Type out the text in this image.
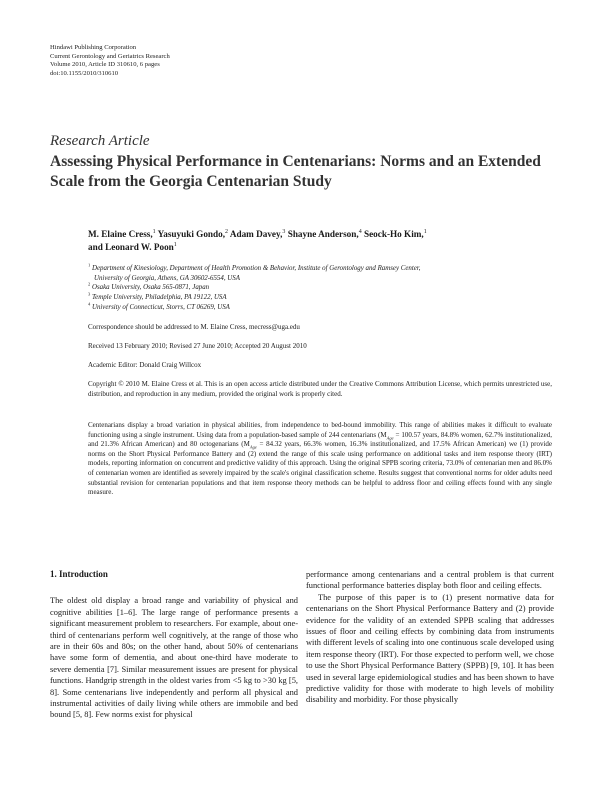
Hindawi Publishing Corporation
Current Gerontology and Geriatrics Research
Volume 2010, Article ID 310610, 6 pages
doi:10.1155/2010/310610
Research Article
Assessing Physical Performance in Centenarians: Norms and an Extended Scale from the Georgia Centenarian Study
M. Elaine Cress,$^1$ Yasuyuki Gondo,$^2$ Adam Davey,$^3$ Shayne Anderson,$^4$ Seock-Ho Kim,$^1$
and Leonard W. Poon$^1$
$^1$ Department of Kinesiology, Department of Health Promotion & Behavior, Institute of Gerontology and Ramsey Center,
University of Georgia, Athens, GA 30602-6554, USA
$^2$ Osaka University, Osaka 565-0871, Japan
$^3$ Temple University, Philadelphia, PA 19122, USA
$^4$ University of Connecticut, Storrs, CT 06269, USA
Correspondence should be addressed to M. Elaine Cress, mecress@uga.edu
Received 13 February 2010; Revised 27 June 2010; Accepted 20 August 2010
Academic Editor: Donald Craig Willcox
Copyright © 2010 M. Elaine Cress et al. This is an open access article distributed under the Creative Commons Attribution License, which permits unrestricted use, distribution, and reproduction in any medium, provided the original work is properly cited.
Centenarians display a broad variation in physical abilities, from independence to bed-bound immobility. This range of abilities makes it difficult to evaluate functioning using a single instrument. Using data from a population-based sample of 244 centenarians ($M_{Age} = 100.57$ years, 84.8% women, 62.7% institutionalized, and 21.3% African American) and 80 octogenarians ($M_{Age} = 84.32$ years, 66.3% women, 16.3% institutionalized, and 17.5% African American) we (1) provide norms on the Short Physical Performance Battery and (2) extend the range of this scale using performance on additional tasks and item response theory (IRT) models, reporting information on concurrent and predictive validity of this approach. Using the original SPPB scoring criteria, 73.0% of centenarian men and 86.0% of centenarian women are identified as severely impaired by the scale's original classification scheme. Results suggest that conventional norms for older adults need substantial revision for centenarian populations and that item response theory methods can be helpful to address floor and ceiling effects found with any single measure.
1. Introduction

The oldest old display a broad range and variability of physical and cognitive abilities [1–6]. The large range of performance presents a significant measurement problem to researchers. For example, about one-third of centenarians perform well cognitively, at the range of those who are in their 60s and 80s; on the other hand, about 50% of centenarians have some form of dementia, and about one-third have moderate to severe dementia [7]. Similar measurement issues are present for physical functions. Handgrip strength in the oldest varies from <5 kg to >30 kg [5, 8]. Some centenarians live independently and perform all physical and instrumental activities of daily living while others are immobile and bed bound [5, 8]. Few norms exist for physical

performance among centenarians and a central problem is that current functional performance batteries display both floor and ceiling effects.

The purpose of this paper is to (1) present normative data for centenarians on the Short Physical Performance Battery and (2) provide evidence for the validity of an extended SPPB scaling that addresses issues of floor and ceiling effects by combining data from instruments with different levels of scaling into one continuous scale developed using item response theory (IRT). For those expected to perform well, we chose to use the Short Physical Performance Battery (SPPB) [9, 10]. It has been used in several large epidemiological studies and has been shown to have predictive validity for those with moderate to high levels of mobility disability and morbidity. For those physically
